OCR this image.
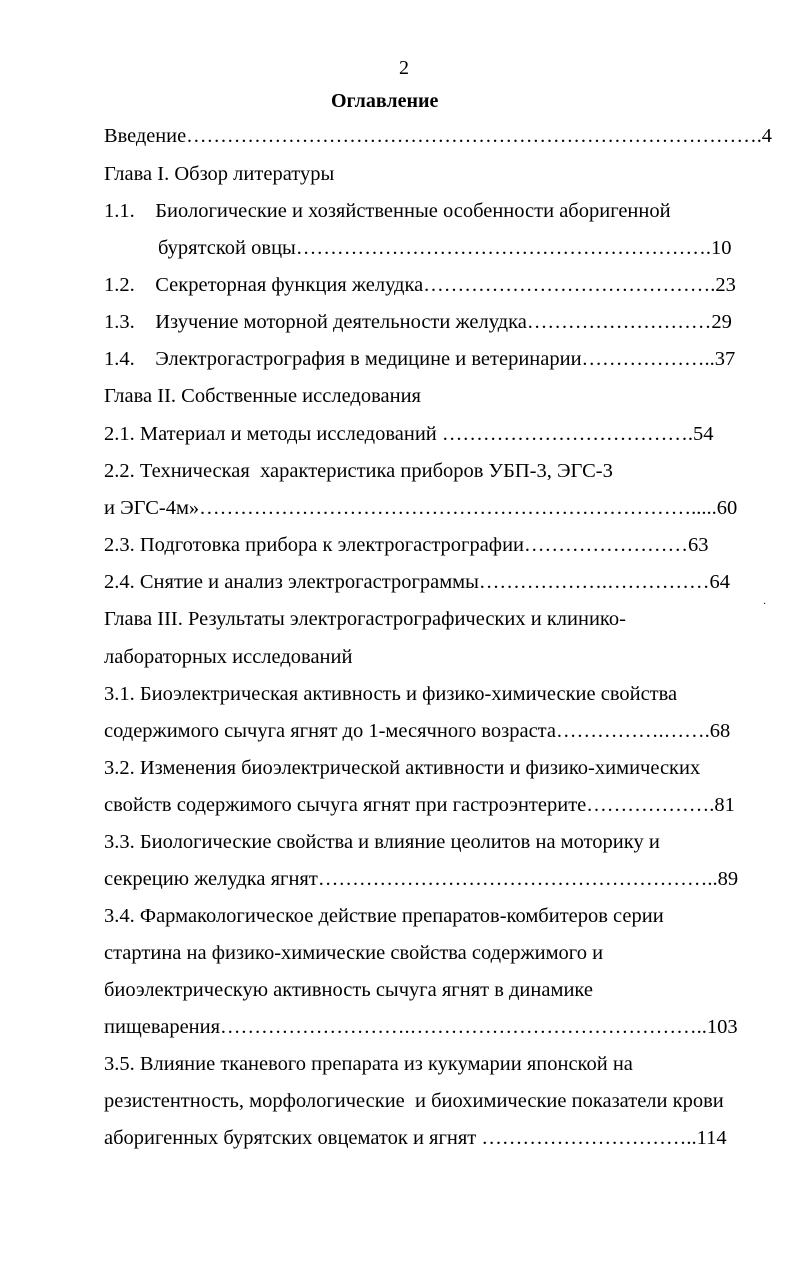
2
Оглавление
Введение………………………………………………………………………….4
Глава I. Обзор литературы
1.1.    Биологические и хозяйственные особенности аборигенной
бурятской овцы…………………………………………………….10
1.2.    Секреторная функция желудка…………………………………….23
1.3.    Изучение моторной деятельности желудка………………………29
1.4.    Электрогастрография в медицине и ветеринарии………………..37
Глава II. Собственные исследования
2.1. Материал и методы исследований ……………………………….54
2.2. Техническая  характеристика приборов УБП-3, ЭГС-3
и ЭГС-4м»……………………………………………………………….....60
2.3. Подготовка прибора к электрогастрографии……………………63
2.4. Снятие и анализ электрогастрограммы……………….……………64
Глава III. Результаты электрогастрографических и клинико-
лабораторных исследований
3.1. Биоэлектрическая активность и физико-химические свойства
содержимого сычуга ягнят до 1-месячного возраста…………….…….68
3.2. Изменения биоэлектрической активности и физико-химических
свойств содержимого сычуга ягнят при гастроэнтерите……………….81
3.3. Биологические свойства и влияние цеолитов на моторику и
секрецию желудка ягнят…………………………………………………..89
3.4. Фармакологическое действие препаратов-комбитеров серии
стартина на физико-химические свойства содержимого и
биоэлектрическую активность сычуга ягнят в динамике
пищеварения……………………….……………………………………..103
3.5. Влияние тканевого препарата из кукумарии японской на
резистентность, морфологические  и биохимические показатели крови
аборигенных бурятских овцематок и ягнят …………………………..114
·
